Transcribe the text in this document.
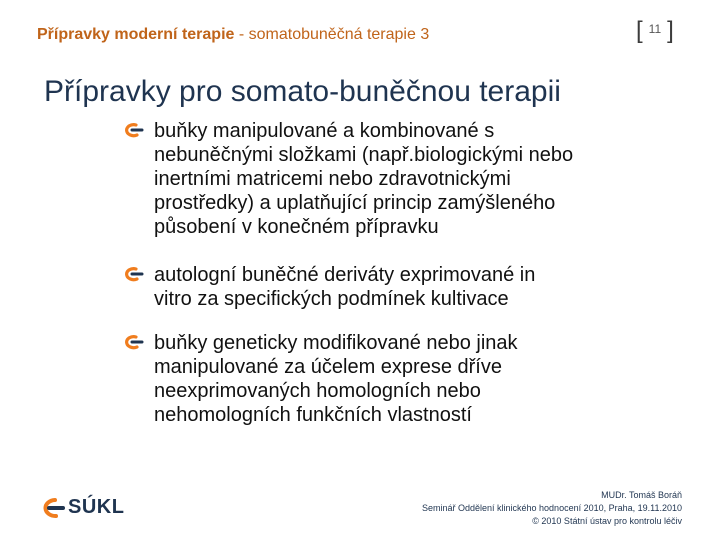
Přípravky moderní terapie - somatobuněčná terapie 3	[ $^{11}$ ]
Přípravky pro somato-buněčnou terapii
buňky manipulované a kombinované s
nebuněčnými složkami (např.biologickými nebo
inertními matricemi nebo zdravotnickými
prostředky) a uplatňující princip zamýšleného
působení v konečném přípravku
autologní buněčné deriváty exprimované in
vitro za specifických podmínek kultivace
buňky geneticky modifikované nebo jinak
manipulované za účelem exprese dříve
neexprimovaných homologních nebo
nehomologních funkčních vlastností
SÚKL
MUDr. Tomáš Boráň
Seminář Oddělení klinického hodnocení 2010, Praha, 19.11.2010
© 2010 Státní ústav pro kontrolu léčiv
